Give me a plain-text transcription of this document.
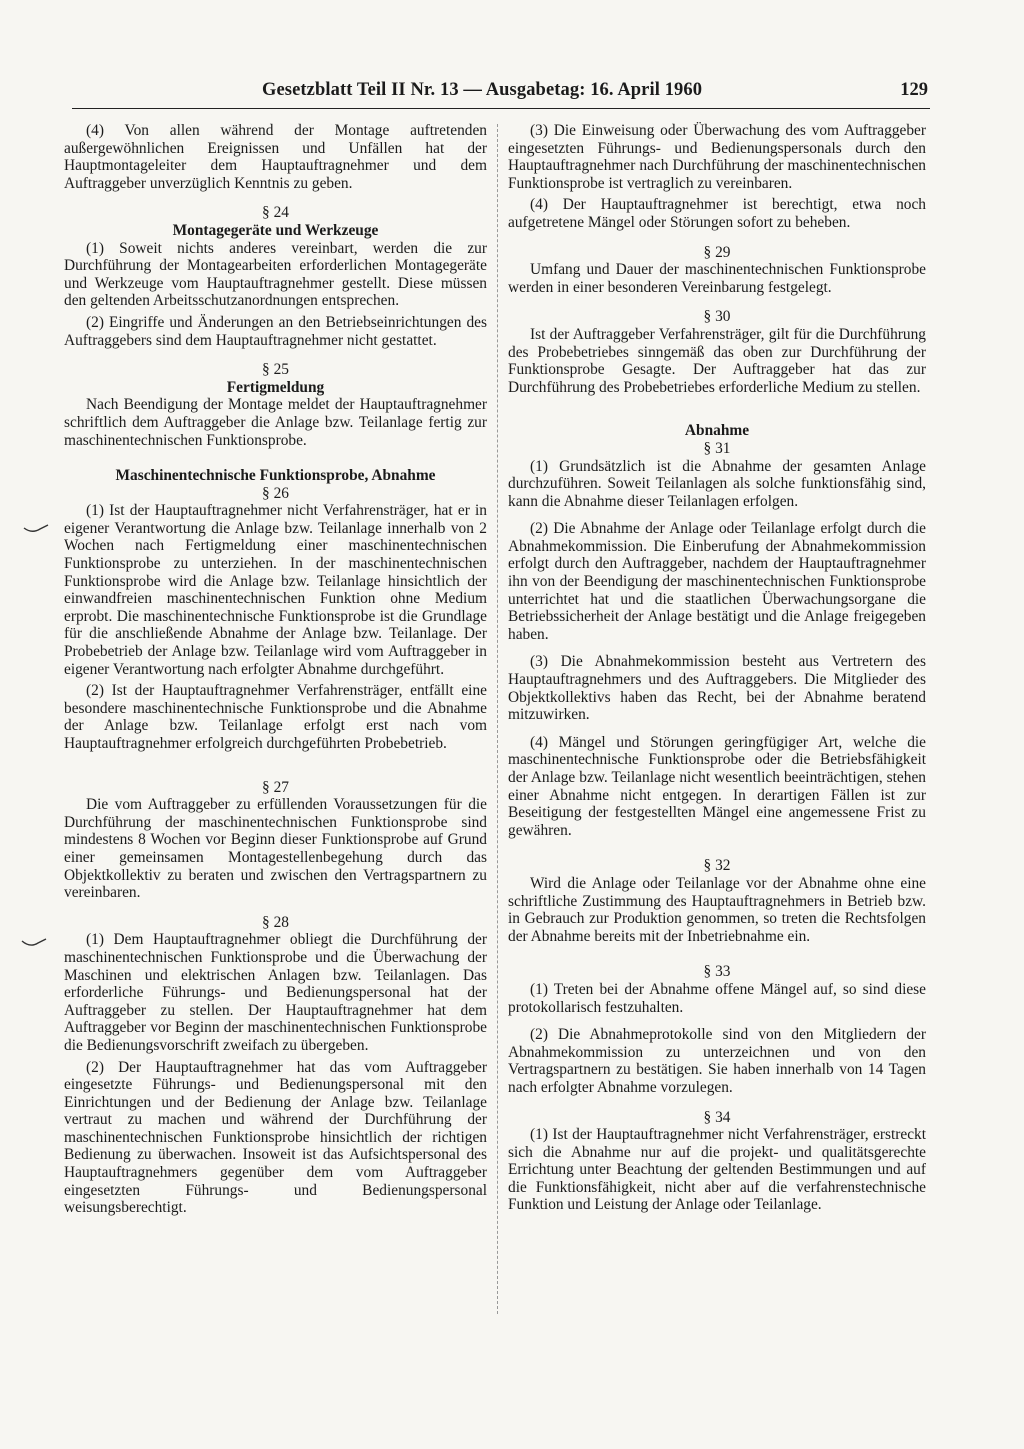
Gesetzblatt Teil II Nr. 13 — Ausgabetag: 16. April 1960	129

(4) Von allen während der Montage auftretenden außergewöhnlichen Ereignissen und Unfällen hat der Hauptmontageleiter dem Hauptauftragnehmer und dem Auftraggeber unverzüglich Kenntnis zu geben.

§ 24

Montagegeräte und Werkzeuge

(1) Soweit nichts anderes vereinbart, werden die zur Durchführung der Montagearbeiten erforderlichen Montagegeräte und Werkzeuge vom Hauptauftragnehmer gestellt. Diese müssen den geltenden Arbeitsschutzanordnungen entsprechen.

(2) Eingriffe und Änderungen an den Betriebseinrichtungen des Auftraggebers sind dem Hauptauftragnehmer nicht gestattet.

§ 25

Fertigmeldung

Nach Beendigung der Montage meldet der Hauptauftragnehmer schriftlich dem Auftraggeber die Anlage bzw. Teilanlage fertig zur maschinentechnischen Funktionsprobe.

Maschinentechnische Funktionsprobe, Abnahme

§ 26

(1) Ist der Hauptauftragnehmer nicht Verfahrensträger, hat er in eigener Verantwortung die Anlage bzw. Teilanlage innerhalb von 2 Wochen nach Fertigmeldung einer maschinentechnischen Funktionsprobe zu unterziehen. In der maschinentechnischen Funktionsprobe wird die Anlage bzw. Teilanlage hinsichtlich der einwandfreien maschinentechnischen Funktion ohne Medium erprobt. Die maschinentechnische Funktionsprobe ist die Grundlage für die anschließende Abnahme der Anlage bzw. Teilanlage. Der Probebetrieb der Anlage bzw. Teilanlage wird vom Auftraggeber in eigener Verantwortung nach erfolgter Abnahme durchgeführt.

(2) Ist der Hauptauftragnehmer Verfahrensträger, entfällt eine besondere maschinentechnische Funktionsprobe und die Abnahme der Anlage bzw. Teilanlage erfolgt erst nach vom Hauptauftragnehmer erfolgreich durchgeführten Probebetrieb.

§ 27

Die vom Auftraggeber zu erfüllenden Voraussetzungen für die Durchführung der maschinentechnischen Funktionsprobe sind mindestens 8 Wochen vor Beginn dieser Funktionsprobe auf Grund einer gemeinsamen Montagestellenbegehung durch das Objektkollektiv zu beraten und zwischen den Vertragspartnern zu vereinbaren.

§ 28

(1) Dem Hauptauftragnehmer obliegt die Durchführung der maschinentechnischen Funktionsprobe und die Überwachung der Maschinen und elektrischen Anlagen bzw. Teilanlagen. Das erforderliche Führungs- und Bedienungspersonal hat der Auftraggeber zu stellen. Der Hauptauftragnehmer hat dem Auftraggeber vor Beginn der maschinentechnischen Funktionsprobe die Bedienungsvorschrift zweifach zu übergeben.

(2) Der Hauptauftragnehmer hat das vom Auftraggeber eingesetzte Führungs- und Bedienungspersonal mit den Einrichtungen und der Bedienung der Anlage bzw. Teilanlage vertraut zu machen und während der Durchführung der maschinentechnischen Funktionsprobe hinsichtlich der richtigen Bedienung zu überwachen. Insoweit ist das Aufsichtspersonal des Hauptauftragnehmers gegenüber dem vom Auftraggeber eingesetzten Führungs- und Bedienungspersonal weisungsberechtigt.

(3) Die Einweisung oder Überwachung des vom Auftraggeber eingesetzten Führungs- und Bedienungspersonals durch den Hauptauftragnehmer nach Durchführung der maschinentechnischen Funktionsprobe ist vertraglich zu vereinbaren.

(4) Der Hauptauftragnehmer ist berechtigt, etwa noch aufgetretene Mängel oder Störungen sofort zu beheben.

§ 29

Umfang und Dauer der maschinentechnischen Funktionsprobe werden in einer besonderen Vereinbarung festgelegt.

§ 30

Ist der Auftraggeber Verfahrensträger, gilt für die Durchführung des Probebetriebes sinngemäß das oben zur Durchführung der Funktionsprobe Gesagte. Der Auftraggeber hat das zur Durchführung des Probebetriebes erforderliche Medium zu stellen.

Abnahme

§ 31

(1) Grundsätzlich ist die Abnahme der gesamten Anlage durchzuführen. Soweit Teilanlagen als solche funktionsfähig sind, kann die Abnahme dieser Teilanlagen erfolgen.

(2) Die Abnahme der Anlage oder Teilanlage erfolgt durch die Abnahmekommission. Die Einberufung der Abnahmekommission erfolgt durch den Auftraggeber, nachdem der Hauptauftragnehmer ihn von der Beendigung der maschinentechnischen Funktionsprobe unterrichtet hat und die staatlichen Überwachungsorgane die Betriebssicherheit der Anlage bestätigt und die Anlage freigegeben haben.

(3) Die Abnahmekommission besteht aus Vertretern des Hauptauftragnehmers und des Auftraggebers. Die Mitglieder des Objektkollektivs haben das Recht, bei der Abnahme beratend mitzuwirken.

(4) Mängel und Störungen geringfügiger Art, welche die maschinentechnische Funktionsprobe oder die Betriebsfähigkeit der Anlage bzw. Teilanlage nicht wesentlich beeinträchtigen, stehen einer Abnahme nicht entgegen. In derartigen Fällen ist zur Beseitigung der festgestellten Mängel eine angemessene Frist zu gewähren.

§ 32

Wird die Anlage oder Teilanlage vor der Abnahme ohne eine schriftliche Zustimmung des Hauptauftragnehmers in Betrieb bzw. in Gebrauch zur Produktion genommen, so treten die Rechtsfolgen der Abnahme bereits mit der Inbetriebnahme ein.

§ 33

(1) Treten bei der Abnahme offene Mängel auf, so sind diese protokollarisch festzuhalten.

(2) Die Abnahmeprotokolle sind von den Mitgliedern der Abnahmekommission zu unterzeichnen und von den Vertragspartnern zu bestätigen. Sie haben innerhalb von 14 Tagen nach erfolgter Abnahme vorzulegen.

§ 34

(1) Ist der Hauptauftragnehmer nicht Verfahrensträger, erstreckt sich die Abnahme nur auf die projekt- und qualitätsgerechte Errichtung unter Beachtung der geltenden Bestimmungen und auf die Funktionsfähigkeit, nicht aber auf die verfahrenstechnische Funktion und Leistung der Anlage oder Teilanlage.
